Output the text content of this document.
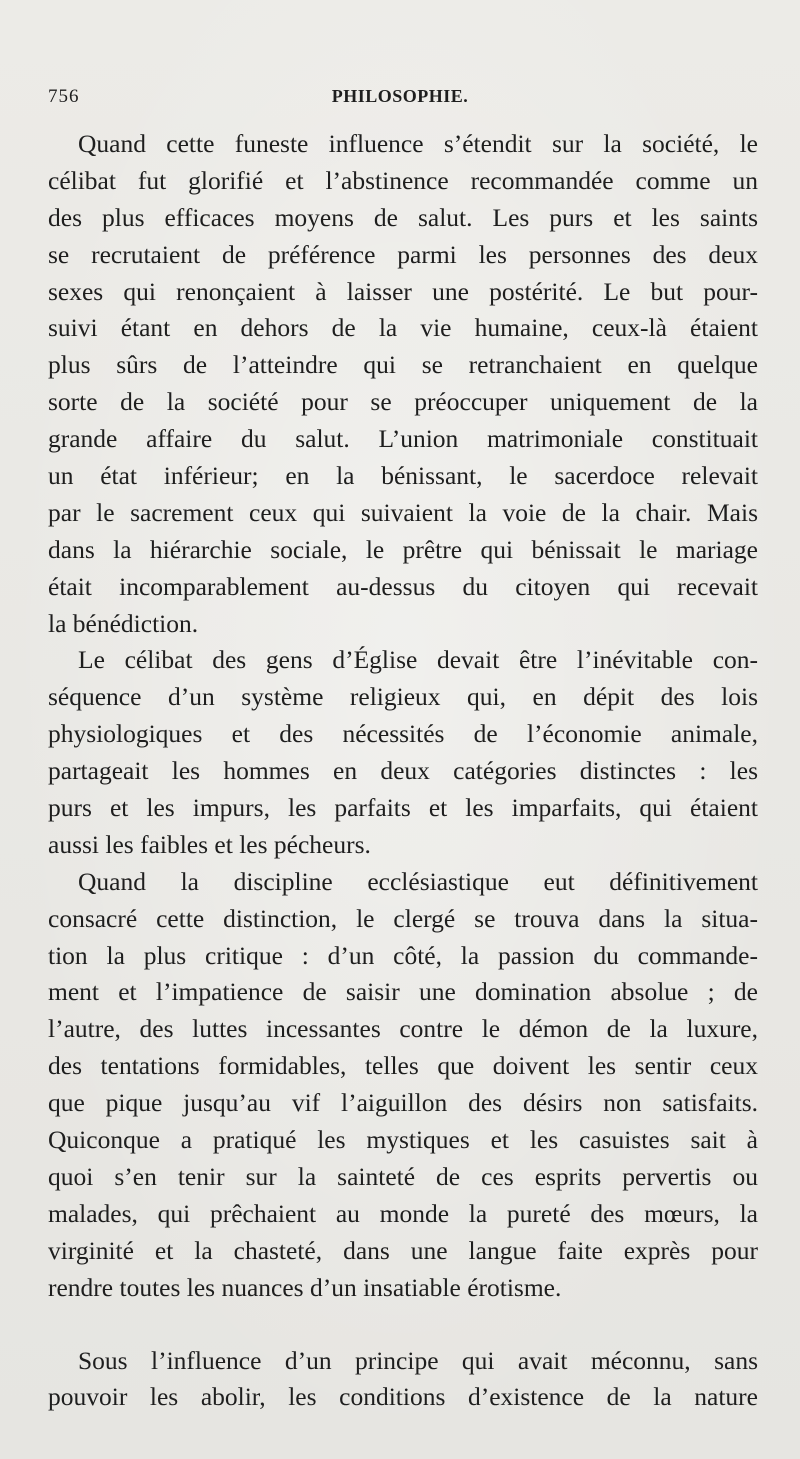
756	PHILOSOPHIE.
Quand cette funeste influence s’étendit sur la société, le
célibat fut glorifié et l’abstinence recommandée comme un
des plus efficaces moyens de salut. Les purs et les saints
se recrutaient de préférence parmi les personnes des deux
sexes qui renonçaient à laisser une postérité. Le but pour-
suivi étant en dehors de la vie humaine, ceux-là étaient
plus sûrs de l’atteindre qui se retranchaient en quelque
sorte de la société pour se préoccuper uniquement de la
grande affaire du salut. L’union matrimoniale constituait
un état inférieur; en la bénissant, le sacerdoce relevait
par le sacrement ceux qui suivaient la voie de la chair. Mais
dans la hiérarchie sociale, le prêtre qui bénissait le mariage
était incomparablement au-dessus du citoyen qui recevait
la bénédiction.
Le célibat des gens d’Église devait être l’inévitable con-
séquence d’un système religieux qui, en dépit des lois
physiologiques et des nécessités de l’économie animale,
partageait les hommes en deux catégories distinctes : les
purs et les impurs, les parfaits et les imparfaits, qui étaient
aussi les faibles et les pécheurs.
Quand la discipline ecclésiastique eut définitivement
consacré cette distinction, le clergé se trouva dans la situa-
tion la plus critique : d’un côté, la passion du commande-
ment et l’impatience de saisir une domination absolue ; de
l’autre, des luttes incessantes contre le démon de la luxure,
des tentations formidables, telles que doivent les sentir ceux
que pique jusqu’au vif l’aiguillon des désirs non satisfaits.
Quiconque a pratiqué les mystiques et les casuistes sait à
quoi s’en tenir sur la sainteté de ces esprits pervertis ou
malades, qui prêchaient au monde la pureté des mœurs, la
virginité et la chasteté, dans une langue faite exprès pour
rendre toutes les nuances d’un insatiable érotisme.
Sous l’influence d’un principe qui avait méconnu, sans
pouvoir les abolir, les conditions d’existence de la nature
